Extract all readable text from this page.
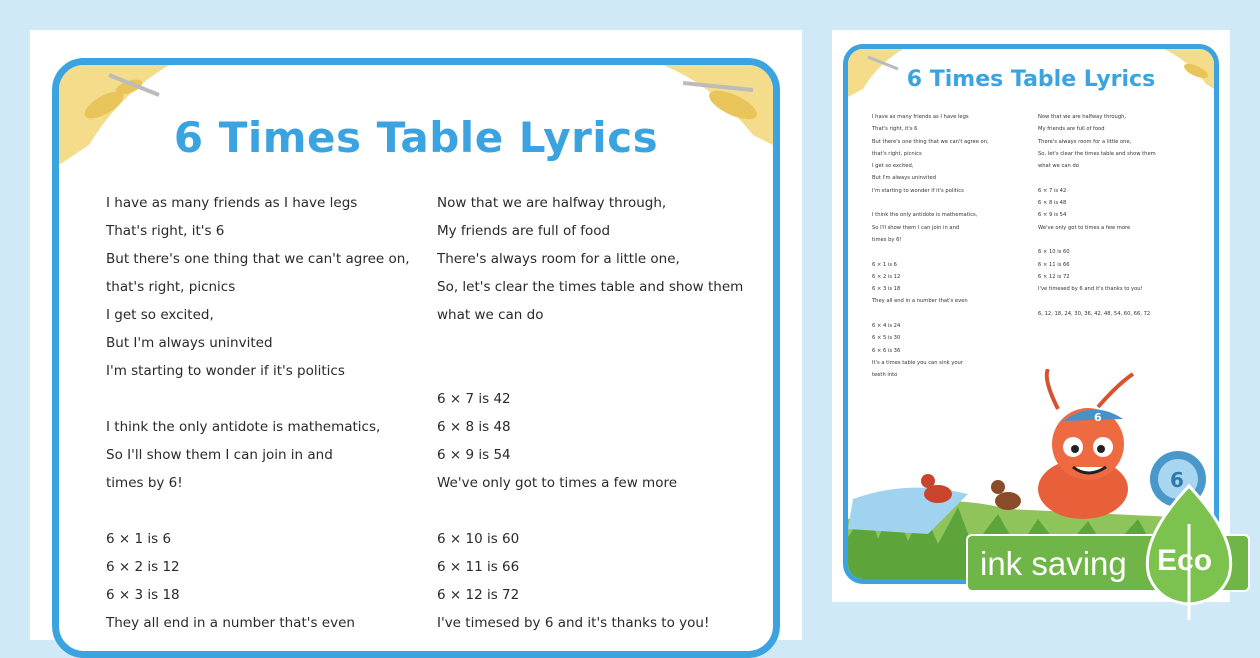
6 Times Table Lyrics
I have as many friends as I have legs
That's right, it's 6
But there's one thing that we can't agree on,
that's right, picnics
I get so excited,
But I'm always uninvited
I'm starting to wonder if it's politics
I think the only antidote is mathematics,
So I'll show them I can join in and
times by 6!
6 × 1 is 6
6 × 2 is 12
6 × 3 is 18
They all end in a number that's even
Now that we are halfway through,
My friends are full of food
There's always room for a little one,
So, let's clear the times table and show them
what we can do
6 × 7 is 42
6 × 8 is 48
6 × 9 is 54
We've only got to times a few more
6 × 10 is 60
6 × 11 is 66
6 × 12 is 72
I've timesed by 6 and it's thanks to you!
6 Times Table Lyrics
I have as many friends as I have legs
That's right, it's 6
But there's one thing that we can't agree on,
that's right, picnics
I get so excited,
But I'm always uninvited
I'm starting to wonder if it's politics
I think the only antidote is mathematics,
So I'll show them I can join in and
times by 6!
6 × 1 is 6
6 × 2 is 12
6 × 3 is 18
They all end in a number that's even
6 × 4 is 24
6 × 5 is 30
6 × 6 is 36
It's a times table you can sink your
teeth into
Now that we are halfway through,
My friends are full of food
There's always room for a little one,
So, let's clear the times table and show them
what we can do
6 × 7 is 42
6 × 8 is 48
6 × 9 is 54
We've only got to times a few more
6 × 10 is 60
6 × 11 is 66
6 × 12 is 72
I've timesed by 6 and it's thanks to you!
6, 12, 18, 24, 30, 36, 42, 48, 54, 60, 66, 72
6
6
ink saving Eco
